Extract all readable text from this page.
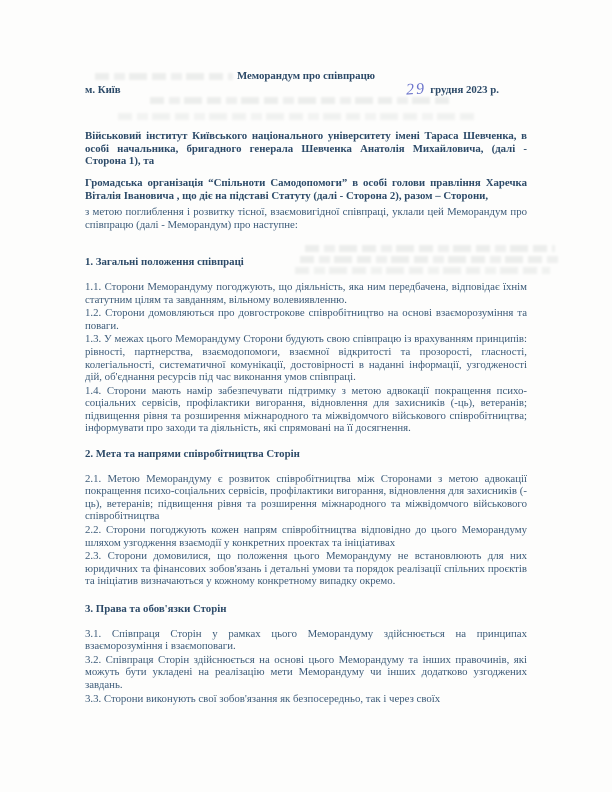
Меморандум про співпрацю
м. Київ	29 грудня 2023 р.

Військовий інститут Київського національного університету імені Тараса Шевченка, в особі начальника, бригадного генерала Шевченка Анатолія Михайловича, (далі - Сторона 1), та

Громадська організація “Спільноти Самодопомоги” в особі голови правління Харечка Віталія Івановича , що діє на підставі Статуту (далі - Сторона 2), разом – Сторони,

з метою поглиблення і розвитку тісної, взаємовигідної співпраці, уклали цей Меморандум про співпрацю (далі - Меморандум) про наступне:

1. Загальні положення співпраці

1.1. Сторони Меморандуму погоджують, що діяльність, яка ним передбачена, відповідає їхнім статутним цілям та завданням, вільному волевиявленню.

1.2. Сторони домовляються про довгострокове співробітництво на основі взаєморозуміння та поваги.

1.3. У межах цього Меморандуму Сторони будують свою співпрацю із врахуванням принципів: рівності, партнерства, взаємодопомоги, взаємної відкритості та прозорості, гласності, колегіальності, систематичної комунікації, достовірності в наданні інформації, узгодженості дій, об'єднання ресурсів під час виконання умов співпраці.

1.4. Сторони мають намір забезпечувати підтримку з метою адвокації покращення психо-соціальних сервісів, профілактики вигорання, відновлення для захисників (-ць), ветеранів; підвищення рівня та розширення міжнародного та міжвідомчого військового співробітництва; інформувати про заходи та діяльність, які спрямовані на її досягнення.

2. Мета та напрями співробітництва Сторін

2.1. Метою Меморандуму є розвиток співробітництва між Сторонами з метою адвокації покращення психо-соціальних сервісів, профілактики вигорання, відновлення для захисників (-ць), ветеранів; підвищення рівня та розширення міжнародного та міжвідомчого військового співробітництва

2.2. Сторони погоджують кожен напрям співробітництва відповідно до цього Меморандуму шляхом узгодження взаємодії у конкретних проектах та ініціативах

2.3. Сторони домовилися, що положення цього Меморандуму не встановлюють для них юридичних та фінансових зобов'язань і детальні умови та порядок реалізації спільних проєктів та ініціатив визначаються у кожному конкретному випадку окремо.

3. Права та обов'язки Сторін

3.1. Співпраця Сторін у рамках цього Меморандуму здійснюється на принципах взаєморозуміння і взаємоповаги.

3.2. Співпраця Сторін здійснюється на основі цього Меморандуму та інших правочинів, які можуть бути укладені на реалізацію мети Меморандуму чи інших додатково узгоджених завдань.

3.3. Сторони виконують свої зобов'язання як безпосередньо, так і через своїх
